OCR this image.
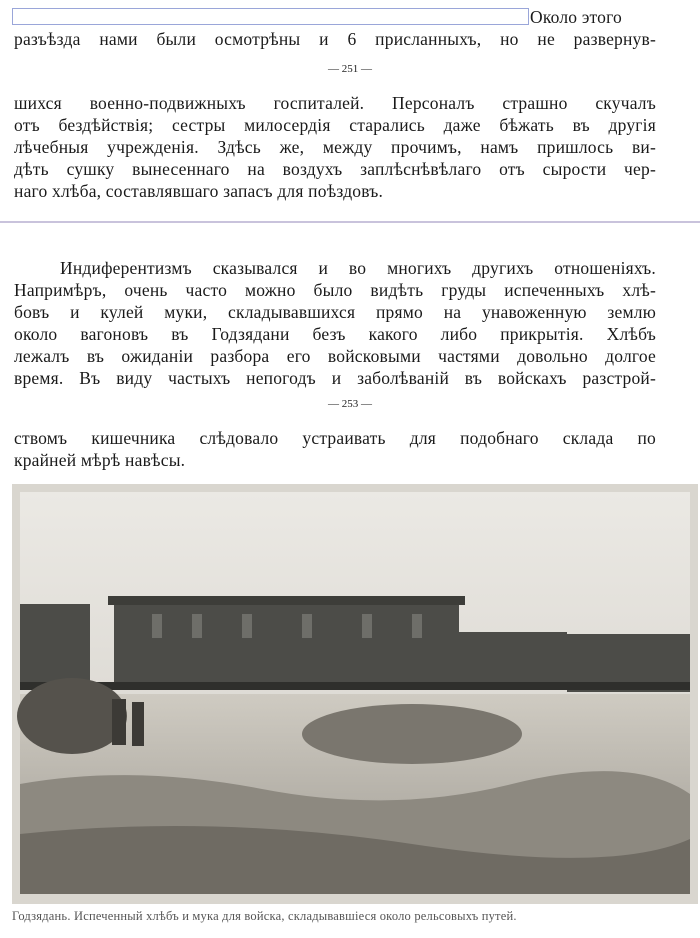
Около этого
разъѣзда нами были осмотрѣны и 6 присланныхъ, но не развернув-
— 251 —
шихся военно-подвижныхъ госпиталей. Персоналъ страшно скучалъ
отъ бездѣйствія; сестры милосердія старались даже бѣжать въ другія
лѣчебныя учрежденія. Здѣсь же, между прочимъ, намъ пришлось ви-
дѣть сушку вынесеннаго на воздухъ заплѣснѣвѣлаго отъ сырости чер-
наго хлѣба, составлявшаго запасъ для поѣздовъ.
Индиферентизмъ сказывался и во многихъ другихъ отношеніяхъ.
Напримѣръ, очень часто можно было видѣть груды испеченныхъ хлѣ-
бовъ и кулей муки, складывавшихся прямо на унавоженную землю
около вагоновъ въ Годзядани безъ какого либо прикрытія. Хлѣбъ
лежалъ въ ожиданіи разбора его войсковыми частями довольно долгое
время. Въ виду частыхъ непогодъ и заболѣваній въ войскахъ разстрой-
— 253 —
ствомъ кишечника слѣдовало устраивать для подобнаго склада по
крайней мѣрѣ навѣсы.
Годзядань. Испеченный хлѣбъ и мука для войска, складывавшіеся около рельсовыхъ путей.
